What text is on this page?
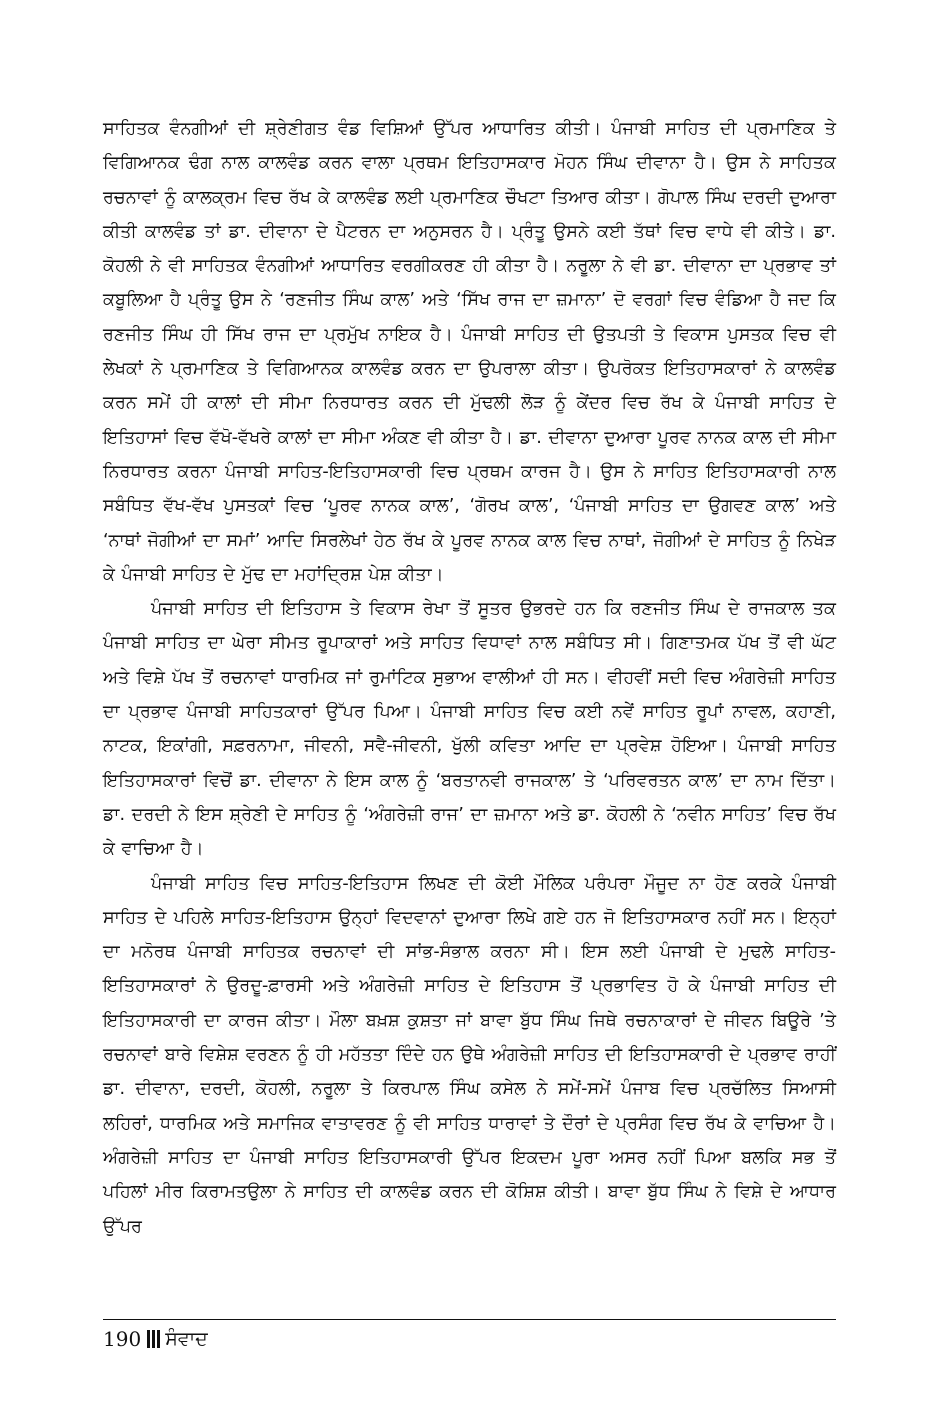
ਸਾਹਿਤਕ ਵੰਨਗੀਆਂ ਦੀ ਸ਼੍ਰੇਣੀਗਤ ਵੰਡ ਵਿਸ਼ਿਆਂ ਉੱਪਰ ਆਧਾਰਿਤ ਕੀਤੀ। ਪੰਜਾਬੀ ਸਾਹਿਤ ਦੀ ਪ੍ਰਮਾਣਿਕ ਤੇ ਵਿਗਿਆਨਕ ਢੰਗ ਨਾਲ ਕਾਲਵੰਡ ਕਰਨ ਵਾਲਾ ਪ੍ਰਥਮ ਇਤਿਹਾਸਕਾਰ ਮੋਹਨ ਸਿੰਘ ਦੀਵਾਨਾ ਹੈ। ਉਸ ਨੇ ਸਾਹਿਤਕ ਰਚਨਾਵਾਂ ਨੂੰ ਕਾਲਕ੍ਰਮ ਵਿਚ ਰੱਖ ਕੇ ਕਾਲਵੰਡ ਲਈ ਪ੍ਰਮਾਣਿਕ ਚੌਖਟਾ ਤਿਆਰ ਕੀਤਾ। ਗੋਪਾਲ ਸਿੰਘ ਦਰਦੀ ਦੁਆਰਾ ਕੀਤੀ ਕਾਲਵੰਡ ਤਾਂ ਡਾ. ਦੀਵਾਨਾ ਦੇ ਪੈਟਰਨ ਦਾ ਅਨੁਸਰਨ ਹੈ। ਪ੍ਰੰਤੂ ਉਸਨੇ ਕਈ ਤੱਥਾਂ ਵਿਚ ਵਾਧੇ ਵੀ ਕੀਤੇ। ਡਾ. ਕੋਹਲੀ ਨੇ ਵੀ ਸਾਹਿਤਕ ਵੰਨਗੀਆਂ ਆਧਾਰਿਤ ਵਰਗੀਕਰਣ ਹੀ ਕੀਤਾ ਹੈ। ਨਰੂਲਾ ਨੇ ਵੀ ਡਾ. ਦੀਵਾਨਾ ਦਾ ਪ੍ਰਭਾਵ ਤਾਂ ਕਬੂਲਿਆ ਹੈ ਪ੍ਰੰਤੂ ਉਸ ਨੇ ‘ਰਣਜੀਤ ਸਿੰਘ ਕਾਲ’ ਅਤੇ ‘ਸਿੱਖ ਰਾਜ ਦਾ ਜ਼ਮਾਨਾ’ ਦੋ ਵਰਗਾਂ ਵਿਚ ਵੰਡਿਆ ਹੈ ਜਦ ਕਿ ਰਣਜੀਤ ਸਿੰਘ ਹੀ ਸਿੱਖ ਰਾਜ ਦਾ ਪ੍ਰਮੁੱਖ ਨਾਇਕ ਹੈ। ਪੰਜਾਬੀ ਸਾਹਿਤ ਦੀ ਉਤਪਤੀ ਤੇ ਵਿਕਾਸ ਪੁਸਤਕ ਵਿਚ ਵੀ ਲੇਖਕਾਂ ਨੇ ਪ੍ਰਮਾਣਿਕ ਤੇ ਵਿਗਿਆਨਕ ਕਾਲਵੰਡ ਕਰਨ ਦਾ ਉਪਰਾਲਾ ਕੀਤਾ। ਉਪਰੋਕਤ ਇਤਿਹਾਸਕਾਰਾਂ ਨੇ ਕਾਲਵੰਡ ਕਰਨ ਸਮੇਂ ਹੀ ਕਾਲਾਂ ਦੀ ਸੀਮਾ ਨਿਰਧਾਰਤ ਕਰਨ ਦੀ ਮੁੱਢਲੀ ਲੋੜ ਨੂੰ ਕੇਂਦਰ ਵਿਚ ਰੱਖ ਕੇ ਪੰਜਾਬੀ ਸਾਹਿਤ ਦੇ ਇਤਿਹਾਸਾਂ ਵਿਚ ਵੱਖੋ-ਵੱਖਰੇ ਕਾਲਾਂ ਦਾ ਸੀਮਾ ਅੰਕਣ ਵੀ ਕੀਤਾ ਹੈ। ਡਾ. ਦੀਵਾਨਾ ਦੁਆਰਾ ਪੂਰਵ ਨਾਨਕ ਕਾਲ ਦੀ ਸੀਮਾ ਨਿਰਧਾਰਤ ਕਰਨਾ ਪੰਜਾਬੀ ਸਾਹਿਤ-ਇਤਿਹਾਸਕਾਰੀ ਵਿਚ ਪ੍ਰਥਮ ਕਾਰਜ ਹੈ। ਉਸ ਨੇ ਸਾਹਿਤ ਇਤਿਹਾਸਕਾਰੀ ਨਾਲ ਸਬੰਧਿਤ ਵੱਖ-ਵੱਖ ਪੁਸਤਕਾਂ ਵਿਚ ‘ਪੂਰਵ ਨਾਨਕ ਕਾਲ’, ‘ਗੋਰਖ ਕਾਲ’, ‘ਪੰਜਾਬੀ ਸਾਹਿਤ ਦਾ ਉਗਵਣ ਕਾਲ’ ਅਤੇ ‘ਨਾਥਾਂ ਜੋਗੀਆਂ ਦਾ ਸਮਾਂ’ ਆਦਿ ਸਿਰਲੇਖਾਂ ਹੇਠ ਰੱਖ ਕੇ ਪੂਰਵ ਨਾਨਕ ਕਾਲ ਵਿਚ ਨਾਥਾਂ, ਜੋਗੀਆਂ ਦੇ ਸਾਹਿਤ ਨੂੰ ਨਿਖੇੜ ਕੇ ਪੰਜਾਬੀ ਸਾਹਿਤ ਦੇ ਮੁੱਢ ਦਾ ਮਹਾਂਦ੍ਰਿਸ਼ ਪੇਸ਼ ਕੀਤਾ।

ਪੰਜਾਬੀ ਸਾਹਿਤ ਦੀ ਇਤਿਹਾਸ ਤੇ ਵਿਕਾਸ ਰੇਖਾ ਤੋਂ ਸੂਤਰ ਉਭਰਦੇ ਹਨ ਕਿ ਰਣਜੀਤ ਸਿੰਘ ਦੇ ਰਾਜਕਾਲ ਤਕ ਪੰਜਾਬੀ ਸਾਹਿਤ ਦਾ ਘੇਰਾ ਸੀਮਤ ਰੂਪਾਕਾਰਾਂ ਅਤੇ ਸਾਹਿਤ ਵਿਧਾਵਾਂ ਨਾਲ ਸਬੰਧਿਤ ਸੀ। ਗਿਣਾਤਮਕ ਪੱਖ ਤੋਂ ਵੀ ਘੱਟ ਅਤੇ ਵਿਸ਼ੇ ਪੱਖ ਤੋਂ ਰਚਨਾਵਾਂ ਧਾਰਮਿਕ ਜਾਂ ਰੁਮਾਂਟਿਕ ਸੁਭਾਅ ਵਾਲੀਆਂ ਹੀ ਸਨ। ਵੀਹਵੀਂ ਸਦੀ ਵਿਚ ਅੰਗਰੇਜ਼ੀ ਸਾਹਿਤ ਦਾ ਪ੍ਰਭਾਵ ਪੰਜਾਬੀ ਸਾਹਿਤਕਾਰਾਂ ਉੱਪਰ ਪਿਆ। ਪੰਜਾਬੀ ਸਾਹਿਤ ਵਿਚ ਕਈ ਨਵੇਂ ਸਾਹਿਤ ਰੂਪਾਂ ਨਾਵਲ, ਕਹਾਣੀ, ਨਾਟਕ, ਇਕਾਂਗੀ, ਸਫ਼ਰਨਾਮਾ, ਜੀਵਨੀ, ਸਵੈ-ਜੀਵਨੀ, ਖੁੱਲੀ ਕਵਿਤਾ ਆਦਿ ਦਾ ਪ੍ਰਵੇਸ਼ ਹੋਇਆ। ਪੰਜਾਬੀ ਸਾਹਿਤ ਇਤਿਹਾਸਕਾਰਾਂ ਵਿਚੋਂ ਡਾ. ਦੀਵਾਨਾ ਨੇ ਇਸ ਕਾਲ ਨੂੰ ‘ਬਰਤਾਨਵੀ ਰਾਜਕਾਲ’ ਤੇ ‘ਪਰਿਵਰਤਨ ਕਾਲ’ ਦਾ ਨਾਮ ਦਿੱਤਾ। ਡਾ. ਦਰਦੀ ਨੇ ਇਸ ਸ਼੍ਰੇਣੀ ਦੇ ਸਾਹਿਤ ਨੂੰ ‘ਅੰਗਰੇਜ਼ੀ ਰਾਜ’ ਦਾ ਜ਼ਮਾਨਾ ਅਤੇ ਡਾ. ਕੋਹਲੀ ਨੇ ‘ਨਵੀਨ ਸਾਹਿਤ’ ਵਿਚ ਰੱਖ ਕੇ ਵਾਚਿਆ ਹੈ।

ਪੰਜਾਬੀ ਸਾਹਿਤ ਵਿਚ ਸਾਹਿਤ-ਇਤਿਹਾਸ ਲਿਖਣ ਦੀ ਕੋਈ ਮੌਲਿਕ ਪਰੰਪਰਾ ਮੌਜੂਦ ਨਾ ਹੋਣ ਕਰਕੇ ਪੰਜਾਬੀ ਸਾਹਿਤ ਦੇ ਪਹਿਲੇ ਸਾਹਿਤ-ਇਤਿਹਾਸ ਉਨ੍ਹਾਂ ਵਿਦਵਾਨਾਂ ਦੁਆਰਾ ਲਿਖੇ ਗਏ ਹਨ ਜੋ ਇਤਿਹਾਸਕਾਰ ਨਹੀਂ ਸਨ। ਇਨ੍ਹਾਂ ਦਾ ਮਨੋਰਥ ਪੰਜਾਬੀ ਸਾਹਿਤਕ ਰਚਨਾਵਾਂ ਦੀ ਸਾਂਭ-ਸੰਭਾਲ ਕਰਨਾ ਸੀ। ਇਸ ਲਈ ਪੰਜਾਬੀ ਦੇ ਮੁਢਲੇ ਸਾਹਿਤ-ਇਤਿਹਾਸਕਾਰਾਂ ਨੇ ਉਰਦੂ-ਫ਼ਾਰਸੀ ਅਤੇ ਅੰਗਰੇਜ਼ੀ ਸਾਹਿਤ ਦੇ ਇਤਿਹਾਸ ਤੋਂ ਪ੍ਰਭਾਵਿਤ ਹੋ ਕੇ ਪੰਜਾਬੀ ਸਾਹਿਤ ਦੀ ਇਤਿਹਾਸਕਾਰੀ ਦਾ ਕਾਰਜ ਕੀਤਾ। ਮੌਲਾ ਬਖ਼ਸ਼ ਕੁਸ਼ਤਾ ਜਾਂ ਬਾਵਾ ਬੁੱਧ ਸਿੰਘ ਜਿਥੇ ਰਚਨਾਕਾਰਾਂ ਦੇ ਜੀਵਨ ਬਿਊਰੇ ’ਤੇ ਰਚਨਾਵਾਂ ਬਾਰੇ ਵਿਸ਼ੇਸ਼ ਵਰਣਨ ਨੂੰ ਹੀ ਮਹੱਤਤਾ ਦਿੰਦੇ ਹਨ ਉਥੇ ਅੰਗਰੇਜ਼ੀ ਸਾਹਿਤ ਦੀ ਇਤਿਹਾਸਕਾਰੀ ਦੇ ਪ੍ਰਭਾਵ ਰਾਹੀਂ ਡਾ. ਦੀਵਾਨਾ, ਦਰਦੀ, ਕੋਹਲੀ, ਨਰੂਲਾ ਤੇ ਕਿਰਪਾਲ ਸਿੰਘ ਕਸੇਲ ਨੇ ਸਮੇਂ-ਸਮੇਂ ਪੰਜਾਬ ਵਿਚ ਪ੍ਰਚੱਲਿਤ ਸਿਆਸੀ ਲਹਿਰਾਂ, ਧਾਰਮਿਕ ਅਤੇ ਸਮਾਜਿਕ ਵਾਤਾਵਰਣ ਨੂੰ ਵੀ ਸਾਹਿਤ ਧਾਰਾਵਾਂ ਤੇ ਦੌਰਾਂ ਦੇ ਪ੍ਰਸੰਗ ਵਿਚ ਰੱਖ ਕੇ ਵਾਚਿਆ ਹੈ। ਅੰਗਰੇਜ਼ੀ ਸਾਹਿਤ ਦਾ ਪੰਜਾਬੀ ਸਾਹਿਤ ਇਤਿਹਾਸਕਾਰੀ ਉੱਪਰ ਇਕਦਮ ਪੂਰਾ ਅਸਰ ਨਹੀਂ ਪਿਆ ਬਲਕਿ ਸਭ ਤੋਂ ਪਹਿਲਾਂ ਮੀਰ ਕਿਰਾਮਤਉਲਾ ਨੇ ਸਾਹਿਤ ਦੀ ਕਾਲਵੰਡ ਕਰਨ ਦੀ ਕੋਸ਼ਿਸ਼ ਕੀਤੀ। ਬਾਵਾ ਬੁੱਧ ਸਿੰਘ ਨੇ ਵਿਸ਼ੇ ਦੇ ਆਧਾਰ ਉੱਪਰ

190 ਸੰਵਾਦ
